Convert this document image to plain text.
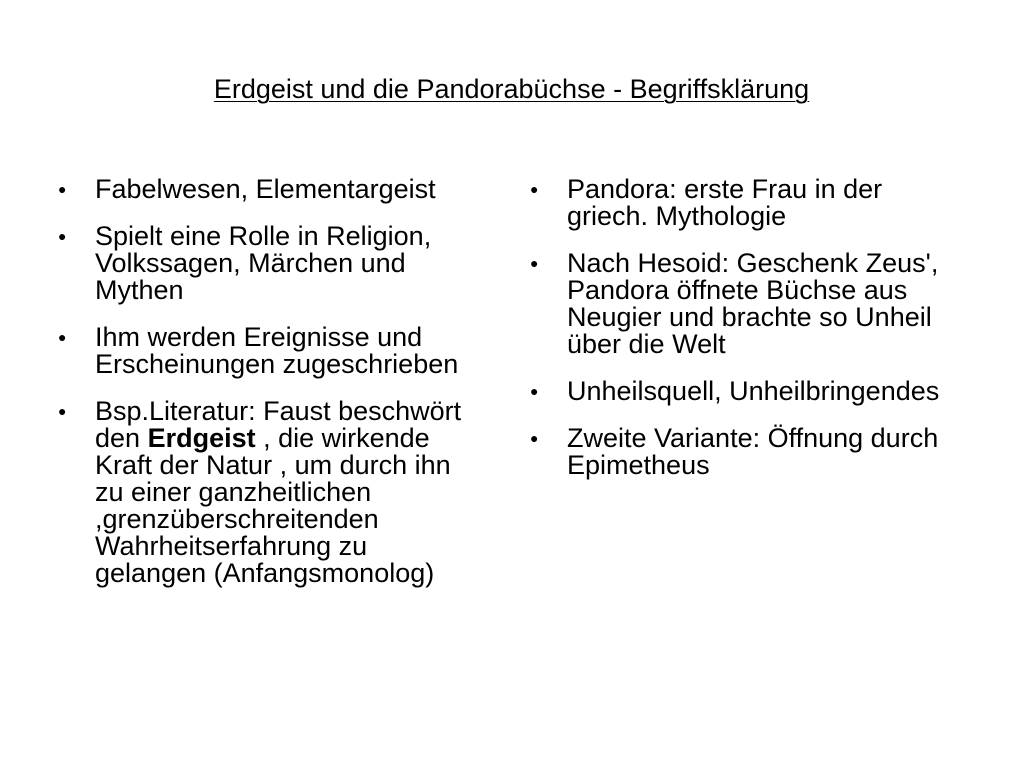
Erdgeist und die Pandorabüchse - Begriffsklärung
● Fabelwesen, Elementargeist
● Spielt eine Rolle in Religion, Volkssagen, Märchen und Mythen
● Ihm werden Ereignisse und Erscheinungen zugeschrieben
● Bsp.Literatur: Faust beschwört den Erdgeist , die wirkende Kraft der Natur , um durch ihn zu einer ganzheitlichen ,grenzüberschreitenden Wahrheitserfahrung zu gelangen (Anfangsmonolog)
● Pandora: erste Frau in der griech. Mythologie
● Nach Hesoid: Geschenk Zeus', Pandora öffnete Büchse aus Neugier und brachte so Unheil über die Welt
● Unheilsquell, Unheilbringendes
● Zweite Variante: Öffnung durch Epimetheus
